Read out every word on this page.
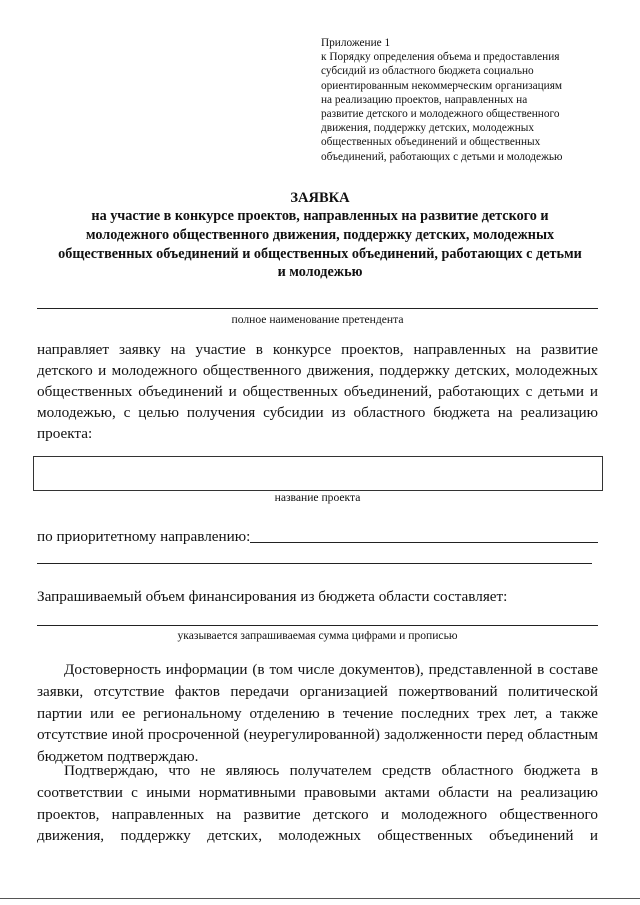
Приложение 1
к Порядку определения объема и предоставления
субсидий из областного бюджета социально
ориентированным некоммерческим организациям
на реализацию проектов, направленных на
развитие детского и молодежного общественного
движения, поддержку детских, молодежных
общественных объединений и общественных
объединений, работающих с детьми и молодежью
ЗАЯВКА
на участие в конкурсе проектов, направленных на развитие детского и
молодежного общественного движения, поддержку детских, молодежных
общественных объединений и общественных объединений, работающих с детьми
и молодежью
полное наименование претендента
направляет заявку на участие в конкурсе проектов, направленных на развитие
детского и молодежного общественного движения, поддержку детских, молодежных
общественных объединений и общественных объединений, работающих с детьми и
молодежью, с целью получения субсидии из областного бюджета на реализацию
проекта:
название проекта
по приоритетному направлению:
Запрашиваемый объем финансирования из бюджета области составляет:
указывается запрашиваемая сумма цифрами и прописью
Достоверность информации (в том числе документов), представленной в составе
заявки, отсутствие фактов передачи организацией пожертвований политической
партии или ее региональному отделению в течение последних трех лет, а также
отсутствие иной просроченной (неурегулированной) задолженности перед областным
бюджетом подтверждаю.
Подтверждаю, что не являюсь получателем средств областного бюджета в
соответствии с иными нормативными правовыми актами области на реализацию
проектов, направленных на развитие детского и молодежного общественного
движения, поддержку детских, молодежных общественных объединений и
